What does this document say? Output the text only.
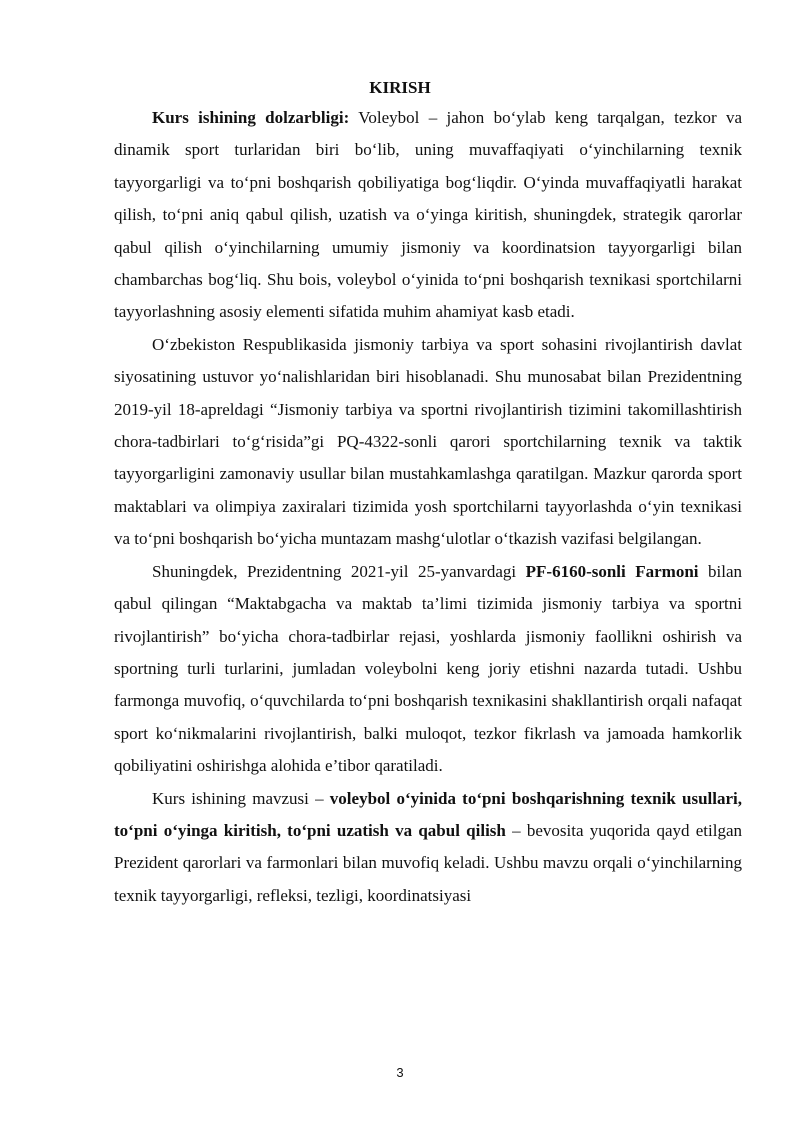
KIRISH

Kurs ishining dolzarbligi: Voleybol – jahon bo‘ylab keng tarqalgan, tezkor va dinamik sport turlaridan biri bo‘lib, uning muvaffaqiyati o‘yinchilarning texnik tayyorgarligi va to‘pni boshqarish qobiliyatiga bog‘liqdir. O‘yinda muvaffaqiyatli harakat qilish, to‘pni aniq qabul qilish, uzatish va o‘yinga kiritish, shuningdek, strategik qarorlar qabul qilish o‘yinchilarning umumiy jismoniy va koordinatsion tayyorgarligi bilan chambarchas bog‘liq. Shu bois, voleybol o‘yinida to‘pni boshqarish texnikasi sportchilarni tayyorlashning asosiy elementi sifatida muhim ahamiyat kasb etadi.

O‘zbekiston Respublikasida jismoniy tarbiya va sport sohasini rivojlantirish davlat siyosatining ustuvor yo‘nalishlaridan biri hisoblanadi. Shu munosabat bilan Prezidentning 2019-yil 18-apreldagi “Jismoniy tarbiya va sportni rivojlantirish tizimini takomillashtirish chora-tadbirlari to‘g‘risida”gi PQ-4322-sonli qarori sportchilarning texnik va taktik tayyorgarligini zamonaviy usullar bilan mustahkamlashga qaratilgan. Mazkur qarorda sport maktablari va olimpiya zaxiralari tizimida yosh sportchilarni tayyorlashda o‘yin texnikasi va to‘pni boshqarish bo‘yicha muntazam mashg‘ulotlar o‘tkazish vazifasi belgilangan.

Shuningdek, Prezidentning 2021-yil 25-yanvardagi PF-6160-sonli Farmoni bilan qabul qilingan “Maktabgacha va maktab ta’limi tizimida jismoniy tarbiya va sportni rivojlantirish” bo‘yicha chora-tadbirlar rejasi, yoshlarda jismoniy faollikni oshirish va sportning turli turlarini, jumladan voleybolni keng joriy etishni nazarda tutadi. Ushbu farmonga muvofiq, o‘quvchilarda to‘pni boshqarish texnikasini shakllantirish orqali nafaqat sport ko‘nikmalarini rivojlantirish, balki muloqot, tezkor fikrlash va jamoada hamkorlik qobiliyatini oshirishga alohida e’tibor qaratiladi.

Kurs ishining mavzusi – voleybol o‘yinida to‘pni boshqarishning texnik usullari, to‘pni o‘yinga kiritish, to‘pni uzatish va qabul qilish – bevosita yuqorida qayd etilgan Prezident qarorlari va farmonlari bilan muvofiq keladi. Ushbu mavzu orqali o‘yinchilarning texnik tayyorgarligi, refleksi, tezligi, koordinatsiyasi

3
